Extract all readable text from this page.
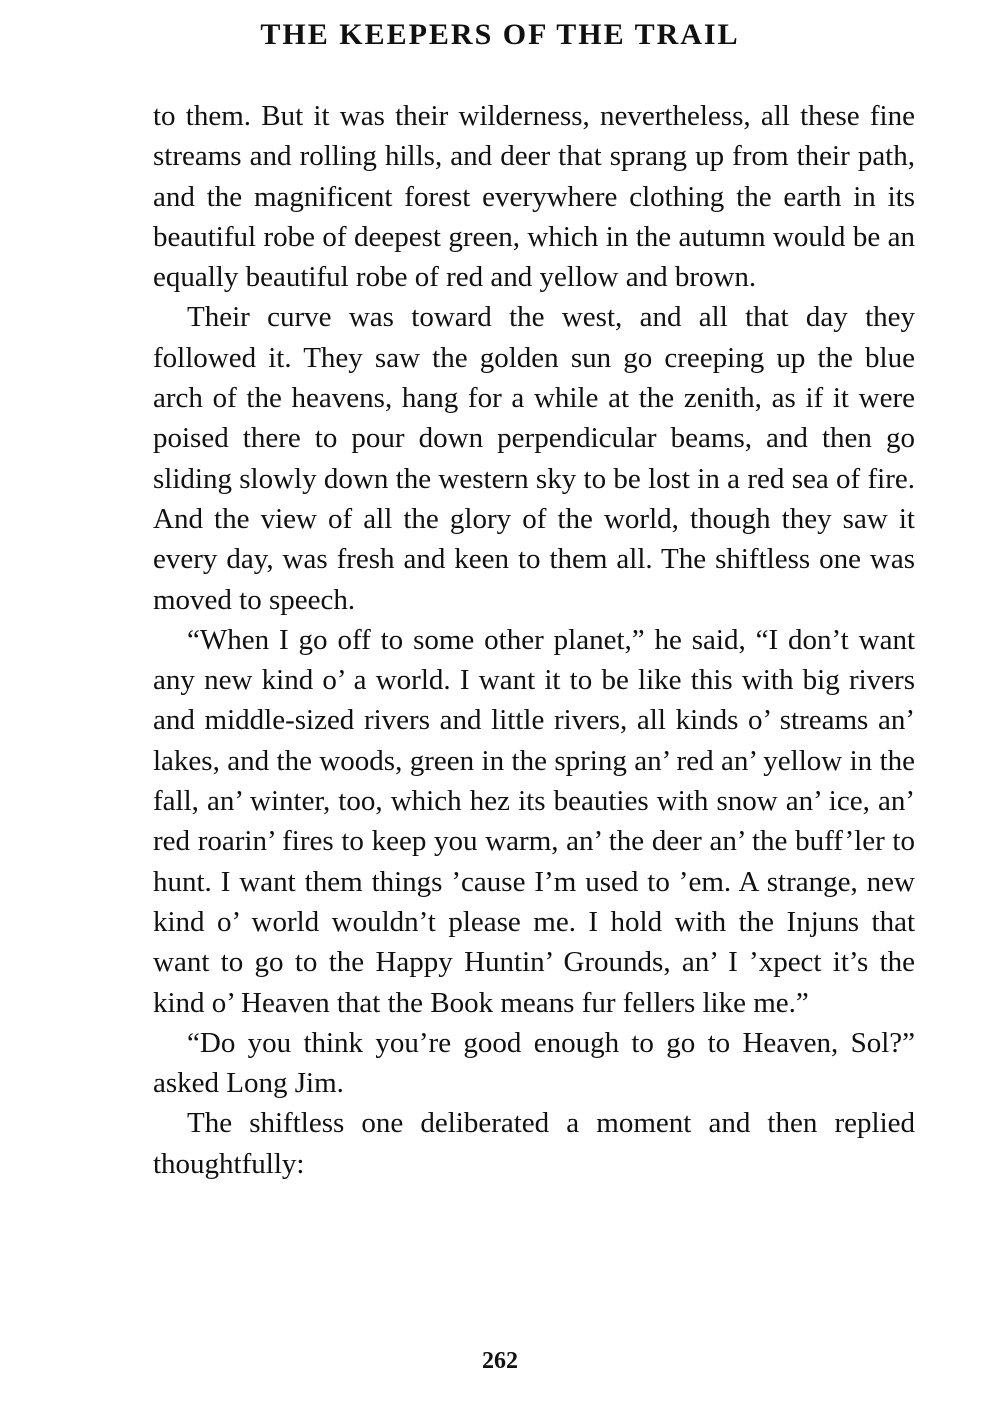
THE KEEPERS OF THE TRAIL

to them. But it was their wilderness, nevertheless, all these fine streams and rolling hills, and deer that sprang up from their path, and the magnificent forest everywhere clothing the earth in its beautiful robe of deepest green, which in the autumn would be an equally beautiful robe of red and yellow and brown.

Their curve was toward the west, and all that day they followed it. They saw the golden sun go creeping up the blue arch of the heavens, hang for a while at the zenith, as if it were poised there to pour down perpendicular beams, and then go sliding slowly down the western sky to be lost in a red sea of fire. And the view of all the glory of the world, though they saw it every day, was fresh and keen to them all. The shiftless one was moved to speech.

“When I go off to some other planet,” he said, “I don’t want any new kind o’ a world. I want it to be like this with big rivers and middle-sized rivers and little rivers, all kinds o’ streams an’ lakes, and the woods, green in the spring an’ red an’ yellow in the fall, an’ winter, too, which hez its beauties with snow an’ ice, an’ red roarin’ fires to keep you warm, an’ the deer an’ the buff’ler to hunt. I want them things ’cause I’m used to ’em. A strange, new kind o’ world wouldn’t please me. I hold with the Injuns that want to go to the Happy Huntin’ Grounds, an’ I ’xpect it’s the kind o’ Heaven that the Book means fur fellers like me.”

“Do you think you’re good enough to go to Heaven, Sol?” asked Long Jim.

The shiftless one deliberated a moment and then replied thoughtfully:

262
